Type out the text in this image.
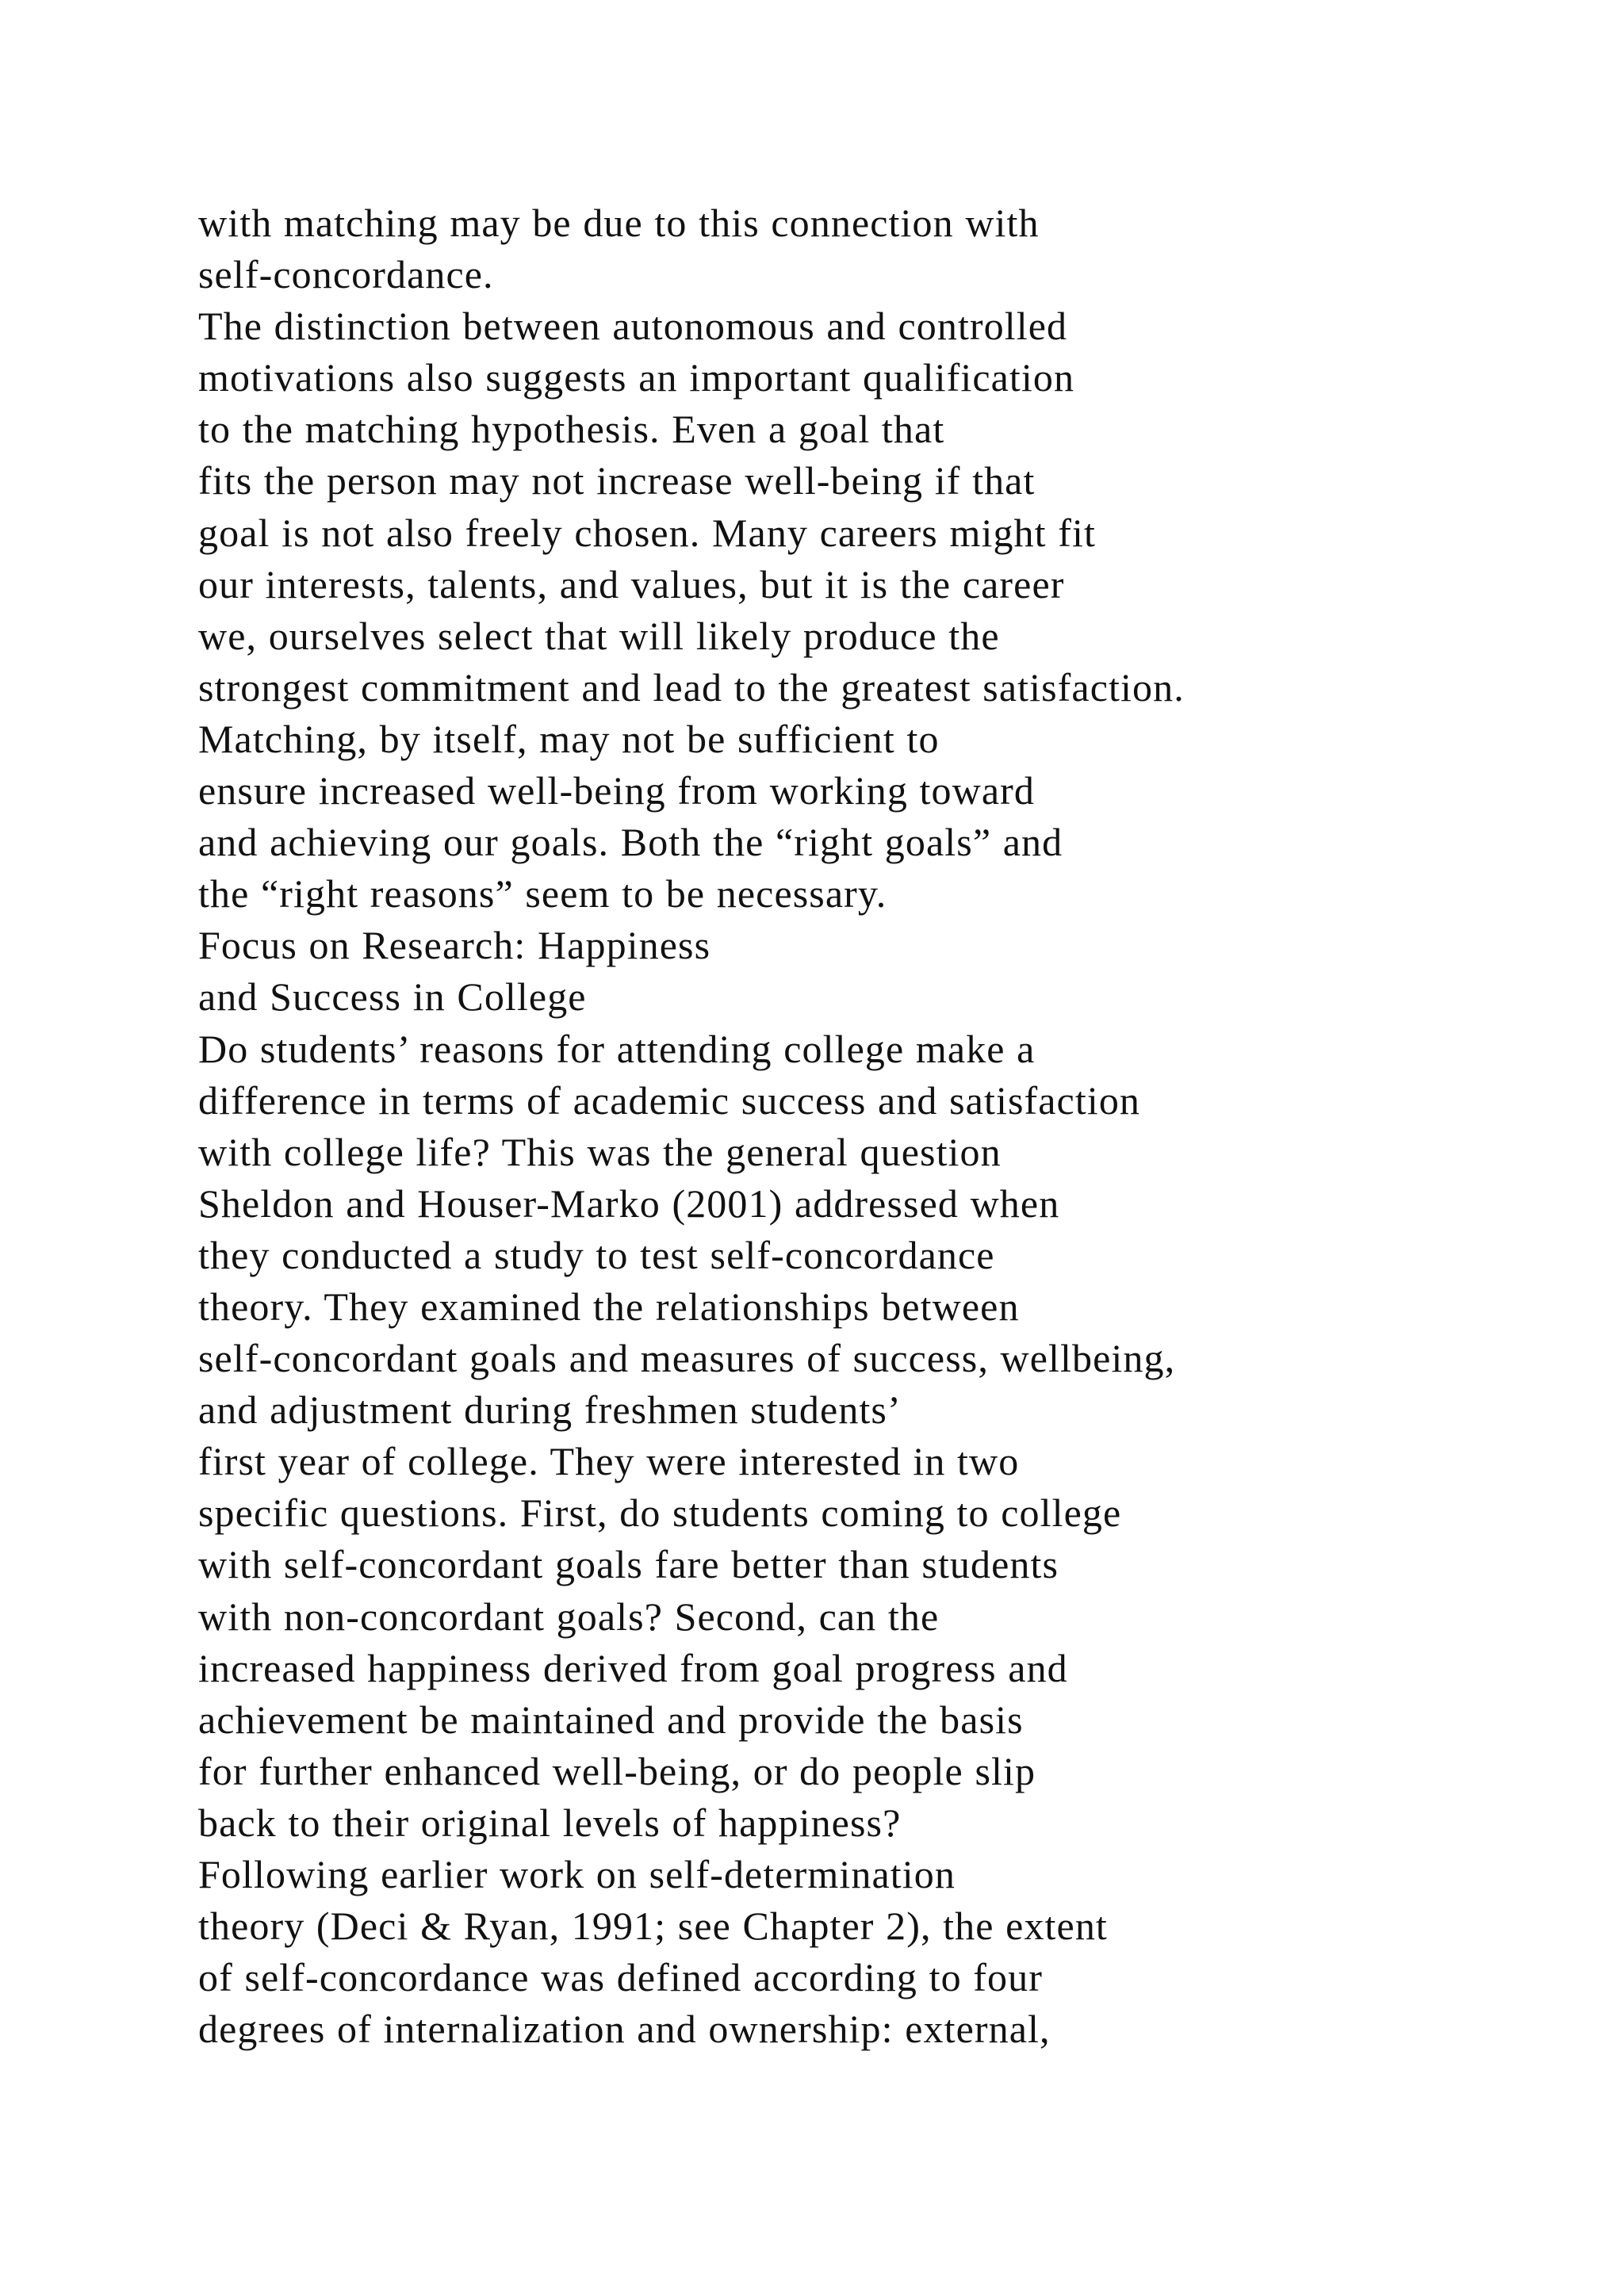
with matching may be due to this connection with
self-concordance.
The distinction between autonomous and controlled
motivations also suggests an important qualification
to the matching hypothesis. Even a goal that
fits the person may not increase well-being if that
goal is not also freely chosen. Many careers might fit
our interests, talents, and values, but it is the career
we, ourselves select that will likely produce the
strongest commitment and lead to the greatest satisfaction.
Matching, by itself, may not be sufficient to
ensure increased well-being from working toward
and achieving our goals. Both the “right goals” and
the “right reasons” seem to be necessary.
Focus on Research: Happiness
and Success in College
Do students’ reasons for attending college make a
difference in terms of academic success and satisfaction
with college life? This was the general question
Sheldon and Houser-Marko (2001) addressed when
they conducted a study to test self-concordance
theory. They examined the relationships between
self-concordant goals and measures of success, wellbeing,
and adjustment during freshmen students’
first year of college. They were interested in two
specific questions. First, do students coming to college
with self-concordant goals fare better than students
with non-concordant goals? Second, can the
increased happiness derived from goal progress and
achievement be maintained and provide the basis
for further enhanced well-being, or do people slip
back to their original levels of happiness?
Following earlier work on self-determination
theory (Deci & Ryan, 1991; see Chapter 2), the extent
of self-concordance was defined according to four
degrees of internalization and ownership: external,
